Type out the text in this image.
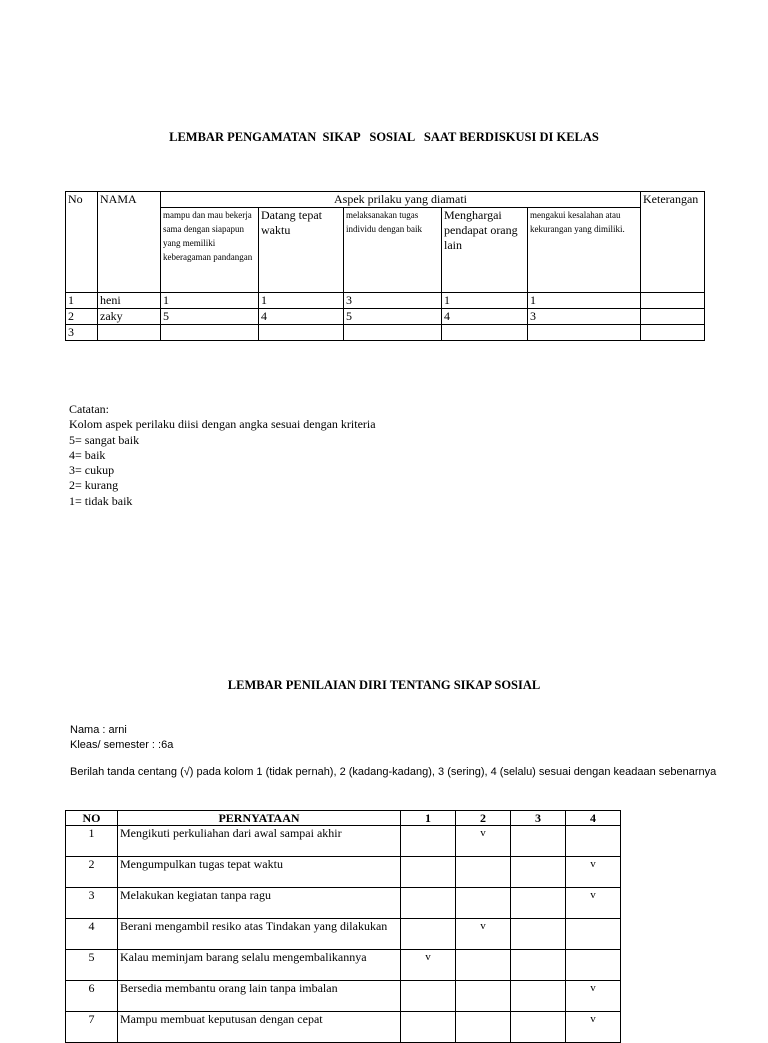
LEMBAR PENGAMATAN  SIKAP   SOSIAL   SAAT BERDISKUSI DI KELAS
No	NAMA	Aspek prilaku yang diamati					Keterangan
		mampu dan mau bekerja sama dengan siapapun yang memiliki keberagaman pandangan	Datang tepat waktu	melaksanakan tugas individu dengan baik	Menghargai pendapat orang lain	mengakui kesalahan atau kekurangan yang dimiliki.	
1	heni	1	1	3	1	1	
2	zaky	5	4	5	4	3	
3							
Catatan:
Kolom aspek perilaku diisi dengan angka sesuai dengan kriteria
5= sangat baik
4= baik
3= cukup
2= kurang
1= tidak baik
LEMBAR PENILAIAN DIRI TENTANG SIKAP SOSIAL
Nama : arni
Kleas/ semester : :6a
Berilah tanda centang (√) pada kolom 1 (tidak pernah), 2 (kadang-kadang), 3 (sering), 4 (selalu) sesuai dengan keadaan sebenarnya
NO	PERNYATAAN	1	2	3	4
1	Mengikuti perkuliahan dari awal sampai akhir		v		
2	Mengumpulkan tugas tepat waktu				v
3	Melakukan kegiatan tanpa ragu				v
4	Berani mengambil resiko atas Tindakan yang dilakukan		v		
5	Kalau meminjam barang selalu mengembalikannya	v			
6	Bersedia membantu orang lain tanpa imbalan				v
7	Mampu membuat keputusan dengan cepat				v
